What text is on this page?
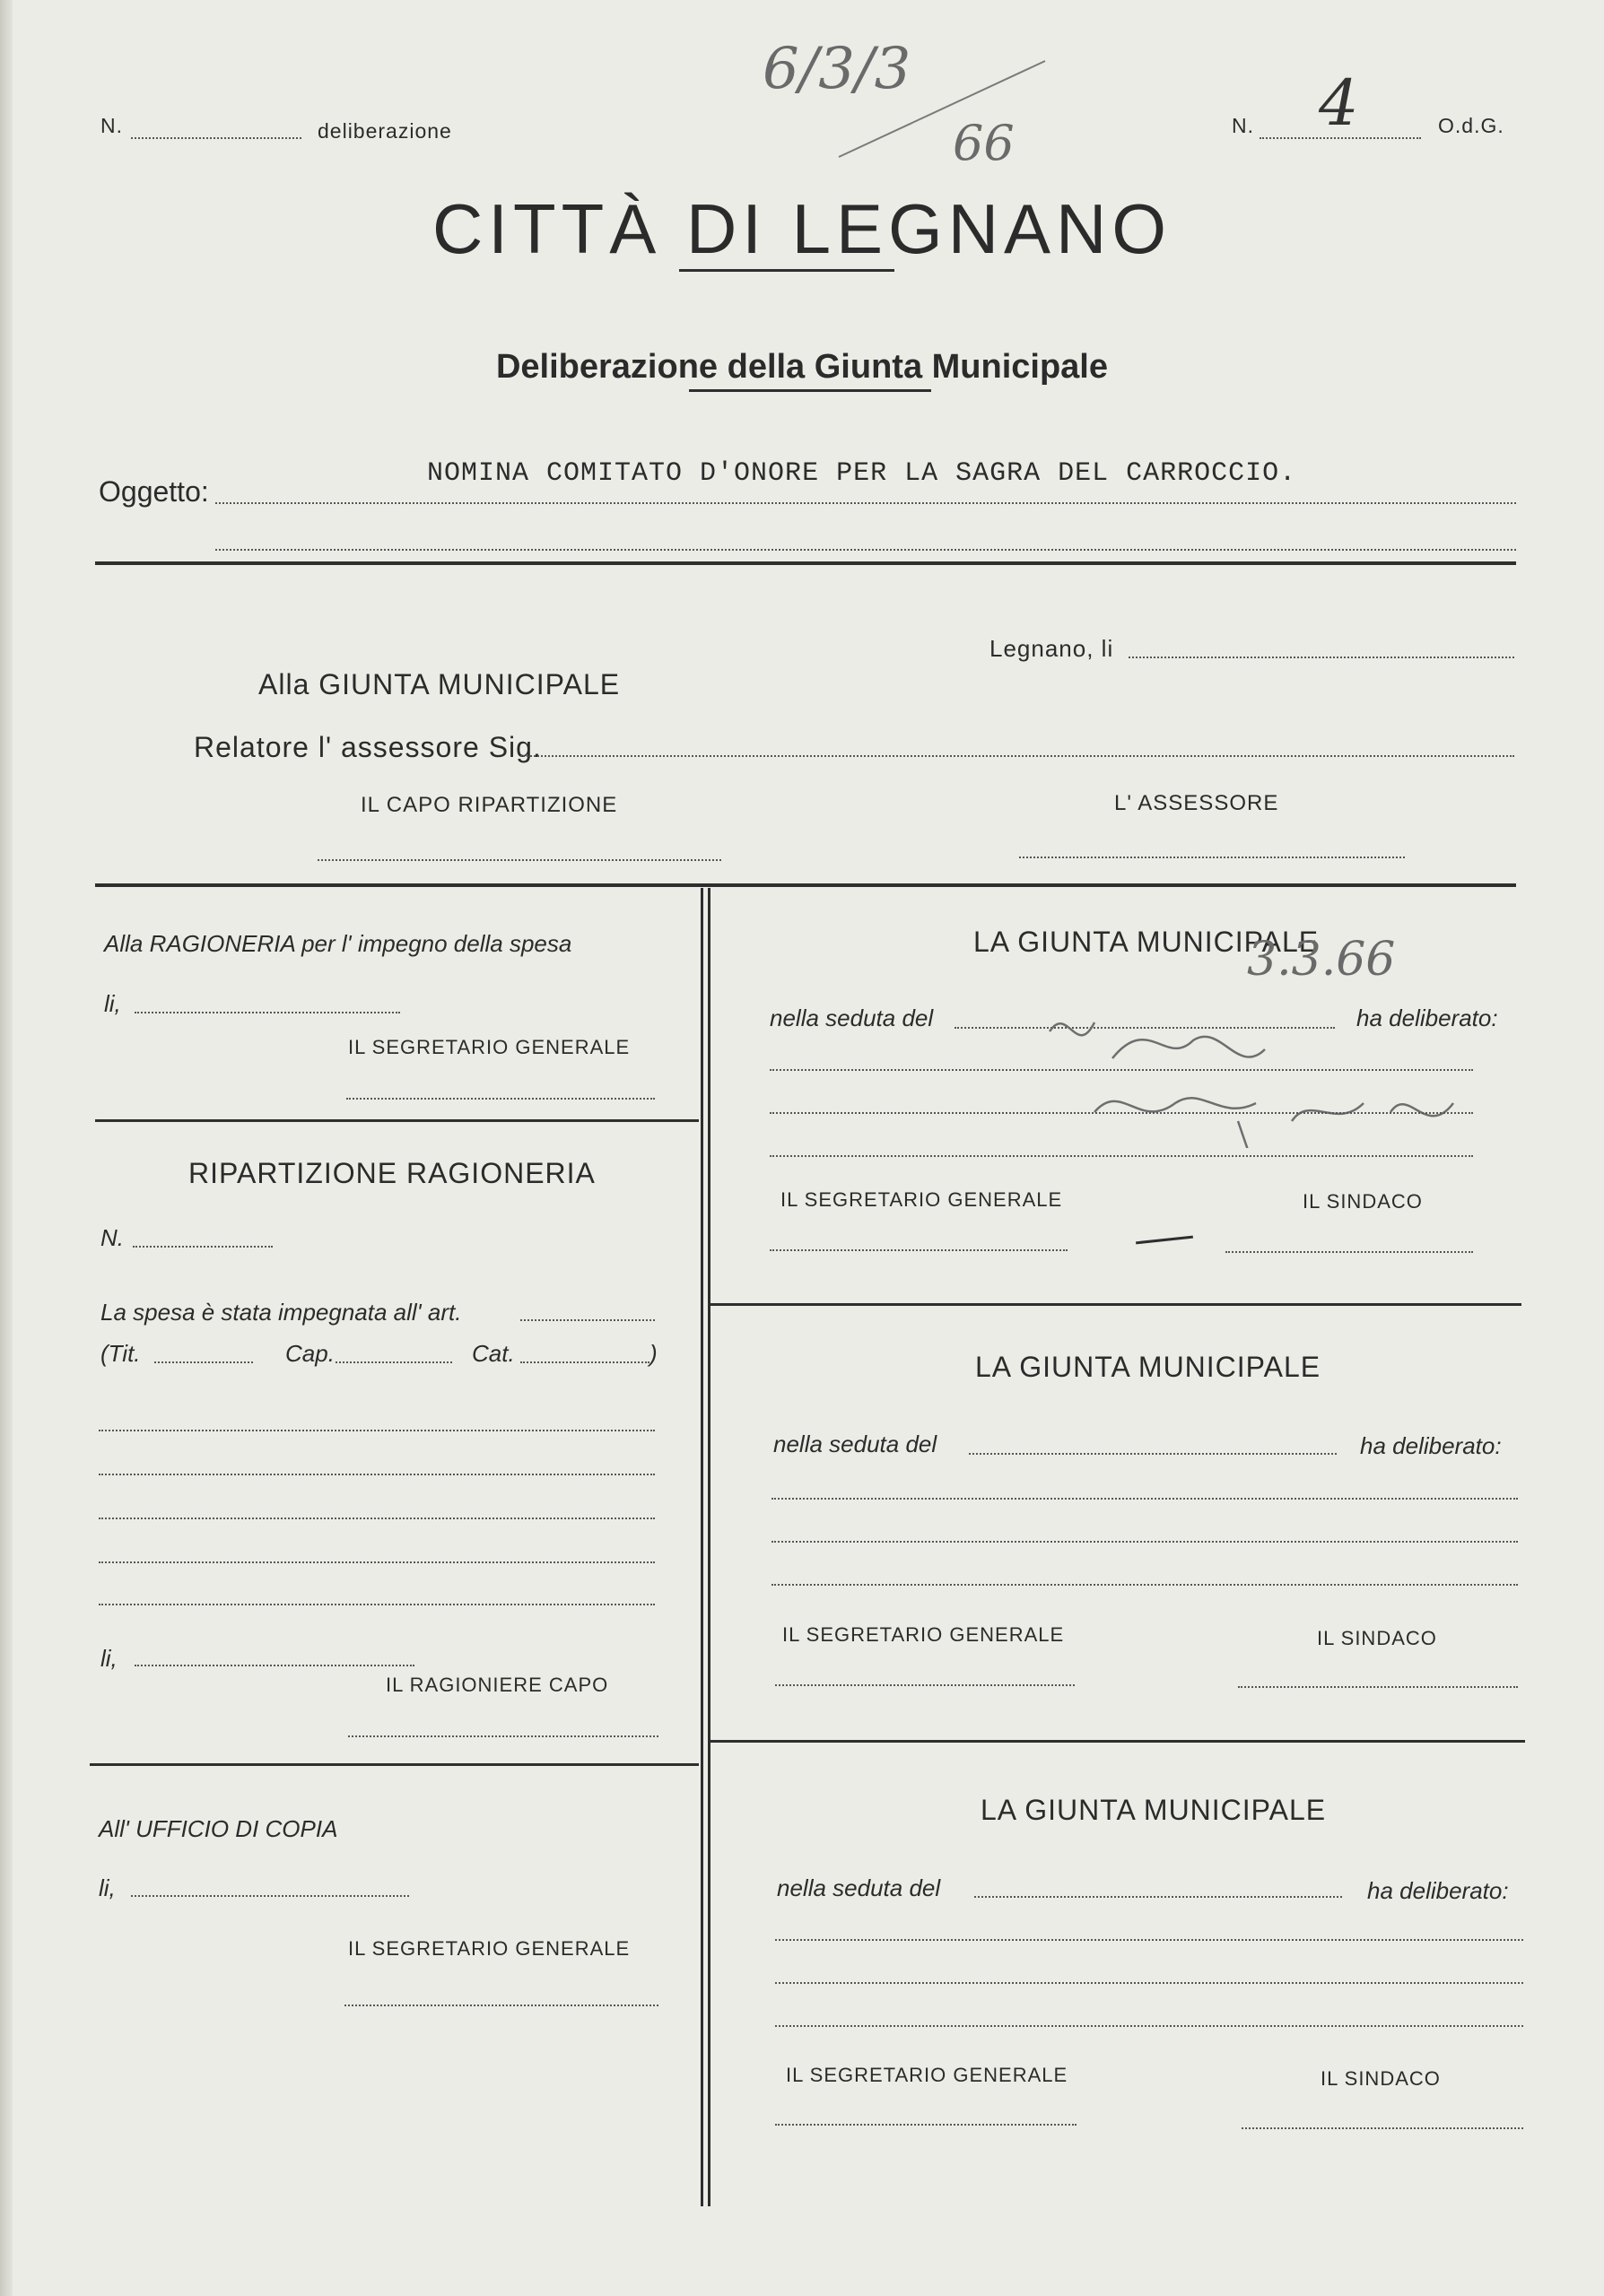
N.	deliberazione
6/3/3
66	N. 4	O.d.G.
CITTÀ DI LEGNANO
Deliberazione della Giunta Municipale
Oggetto:
NOMINA COMITATO D'ONORE PER LA SAGRA DEL CARROCCIO.
Legnano, li
Alla GIUNTA MUNICIPALE
Relatore l' assessore Sig.
IL CAPO RIPARTIZIONE	L' ASSESSORE
Alla RAGIONERIA per l' impegno della spesa
li,
IL SEGRETARIO GENERALE
RIPARTIZIONE RAGIONERIA
N.
La spesa è stata impegnata all' art.
(Tit.	Cap.	Cat.	)
li,
IL RAGIONIERE CAPO
All' UFFICIO DI COPIA
li,
IL SEGRETARIO GENERALE
LA GIUNTA MUNICIPALE
nella seduta del	ha deliberato:
3.3.66
IL SEGRETARIO GENERALE	IL SINDACO
LA GIUNTA MUNICIPALE
nella seduta del	ha deliberato:
IL SEGRETARIO GENERALE	IL SINDACO
LA GIUNTA MUNICIPALE
nella seduta del	ha deliberato:
IL SEGRETARIO GENERALE	IL SINDACO
